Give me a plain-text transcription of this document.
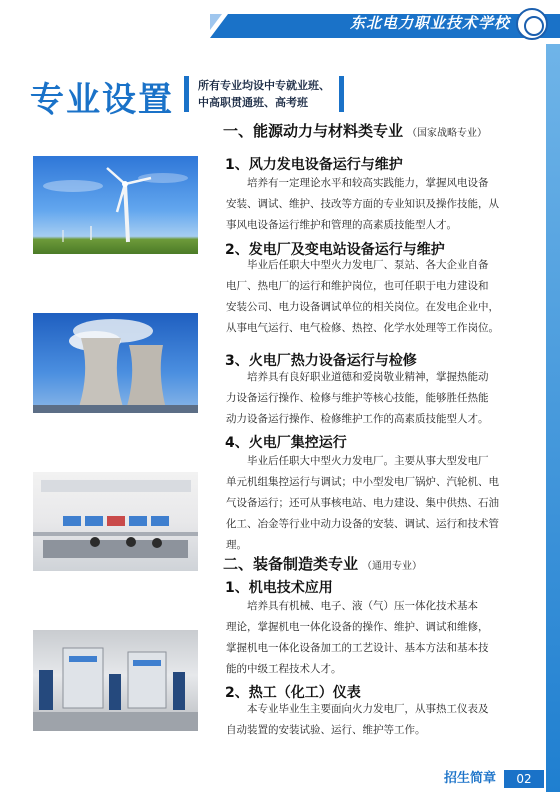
东北电力职业技术学校
专业设置 所有专业均设中专就业班、
中高职贯通班、高考班
一、能源动力与材料类专业 （国家战略专业）
1、风力发电设备运行与维护
培养有一定理论水平和较高实践能力，掌握风电设备
安装、调试、维护、技改等方面的专业知识及操作技能，从
事风电设备运行维护和管理的高素质技能型人才。
2、发电厂及变电站设备运行与维护
毕业后任职大中型火力发电厂、泵站、各大企业自备
电厂、热电厂的运行和维护岗位，也可任职于电力建设和
安装公司、电力设备调试单位的相关岗位。在发电企业中，
从事电气运行、电气检修、热控、化学水处理等工作岗位。
3、火电厂热力设备运行与检修
培养具有良好职业道德和爱岗敬业精神，掌握热能动
力设备运行操作、检修与维护等核心技能，能够胜任热能
动力设备运行操作、检修维护工作的高素质技能型人才。
4、火电厂集控运行
毕业后任职大中型火力发电厂。主要从事大型发电厂
单元机组集控运行与调试；中小型发电厂锅炉、汽轮机、电
气设备运行；还可从事核电站、电力建设、集中供热、石油
化工、冶金等行业中动力设备的安装、调试、运行和技术管
理。
二、装备制造类专业 （通用专业）
1、机电技术应用
培养具有机械、电子、液（气）压一体化技术基本
理论，掌握机电一体化设备的操作、维护、调试和维修，
掌握机电一体化设备加工的工艺设计、基本方法和基本技
能的中级工程技术人才。
2、热工（化工）仪表
本专业毕业生主要面向火力发电厂，从事热工仪表及
自动装置的安装试验、运行、维护等工作。
招生简章	02
